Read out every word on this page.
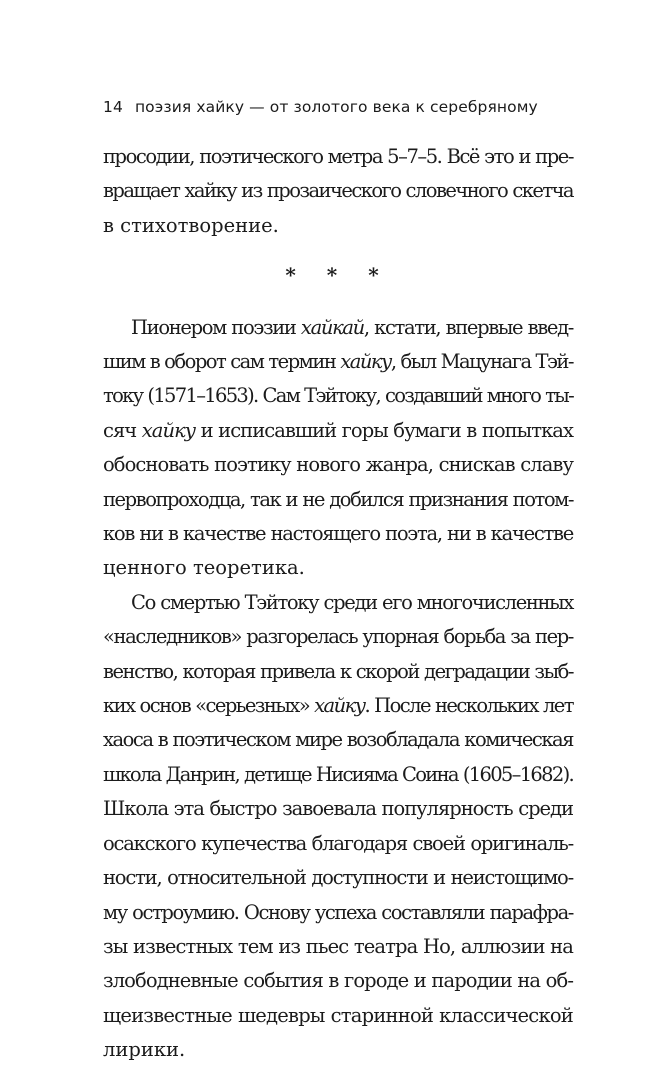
14 поэзия хайку — от золотого века к серебряному

просодии, поэтического метра 5–7–5. Всё это и пре-
вращает хайку из прозаического словечного скетча
в стихотворение.

* * *

Пионером поэзии хайкай, кстати, впервые введ-
шим в оборот сам термин хайку, был Мацунага Тэй-
току (1571–1653). Сам Тэйтоку, создавший много ты-
сяч хайку и исписавший горы бумаги в попытках
обосновать поэтику нового жанра, снискав славу
первопроходца, так и не добился признания потом-
ков ни в качестве настоящего поэта, ни в качестве
ценного теоретика.

Со смертью Тэйтоку среди его многочисленных
«наследников» разгорелась упорная борьба за пер-
венство, которая привела к скорой деградации зыб-
ких основ «серьезных» хайку. После нескольких лет
хаоса в поэтическом мире возобладала комическая
школа Данрин, детище Нисияма Соина (1605–1682).
Школа эта быстро завоевала популярность среди
осакского купечества благодаря своей оригиналь-
ности, относительной доступности и неистощимо-
му остроумию. Основу успеха составляли парафра-
зы известных тем из пьес театра Но, аллюзии на
злободневные события в городе и пародии на об-
щеизвестные шедевры старинной классической
лирики.
